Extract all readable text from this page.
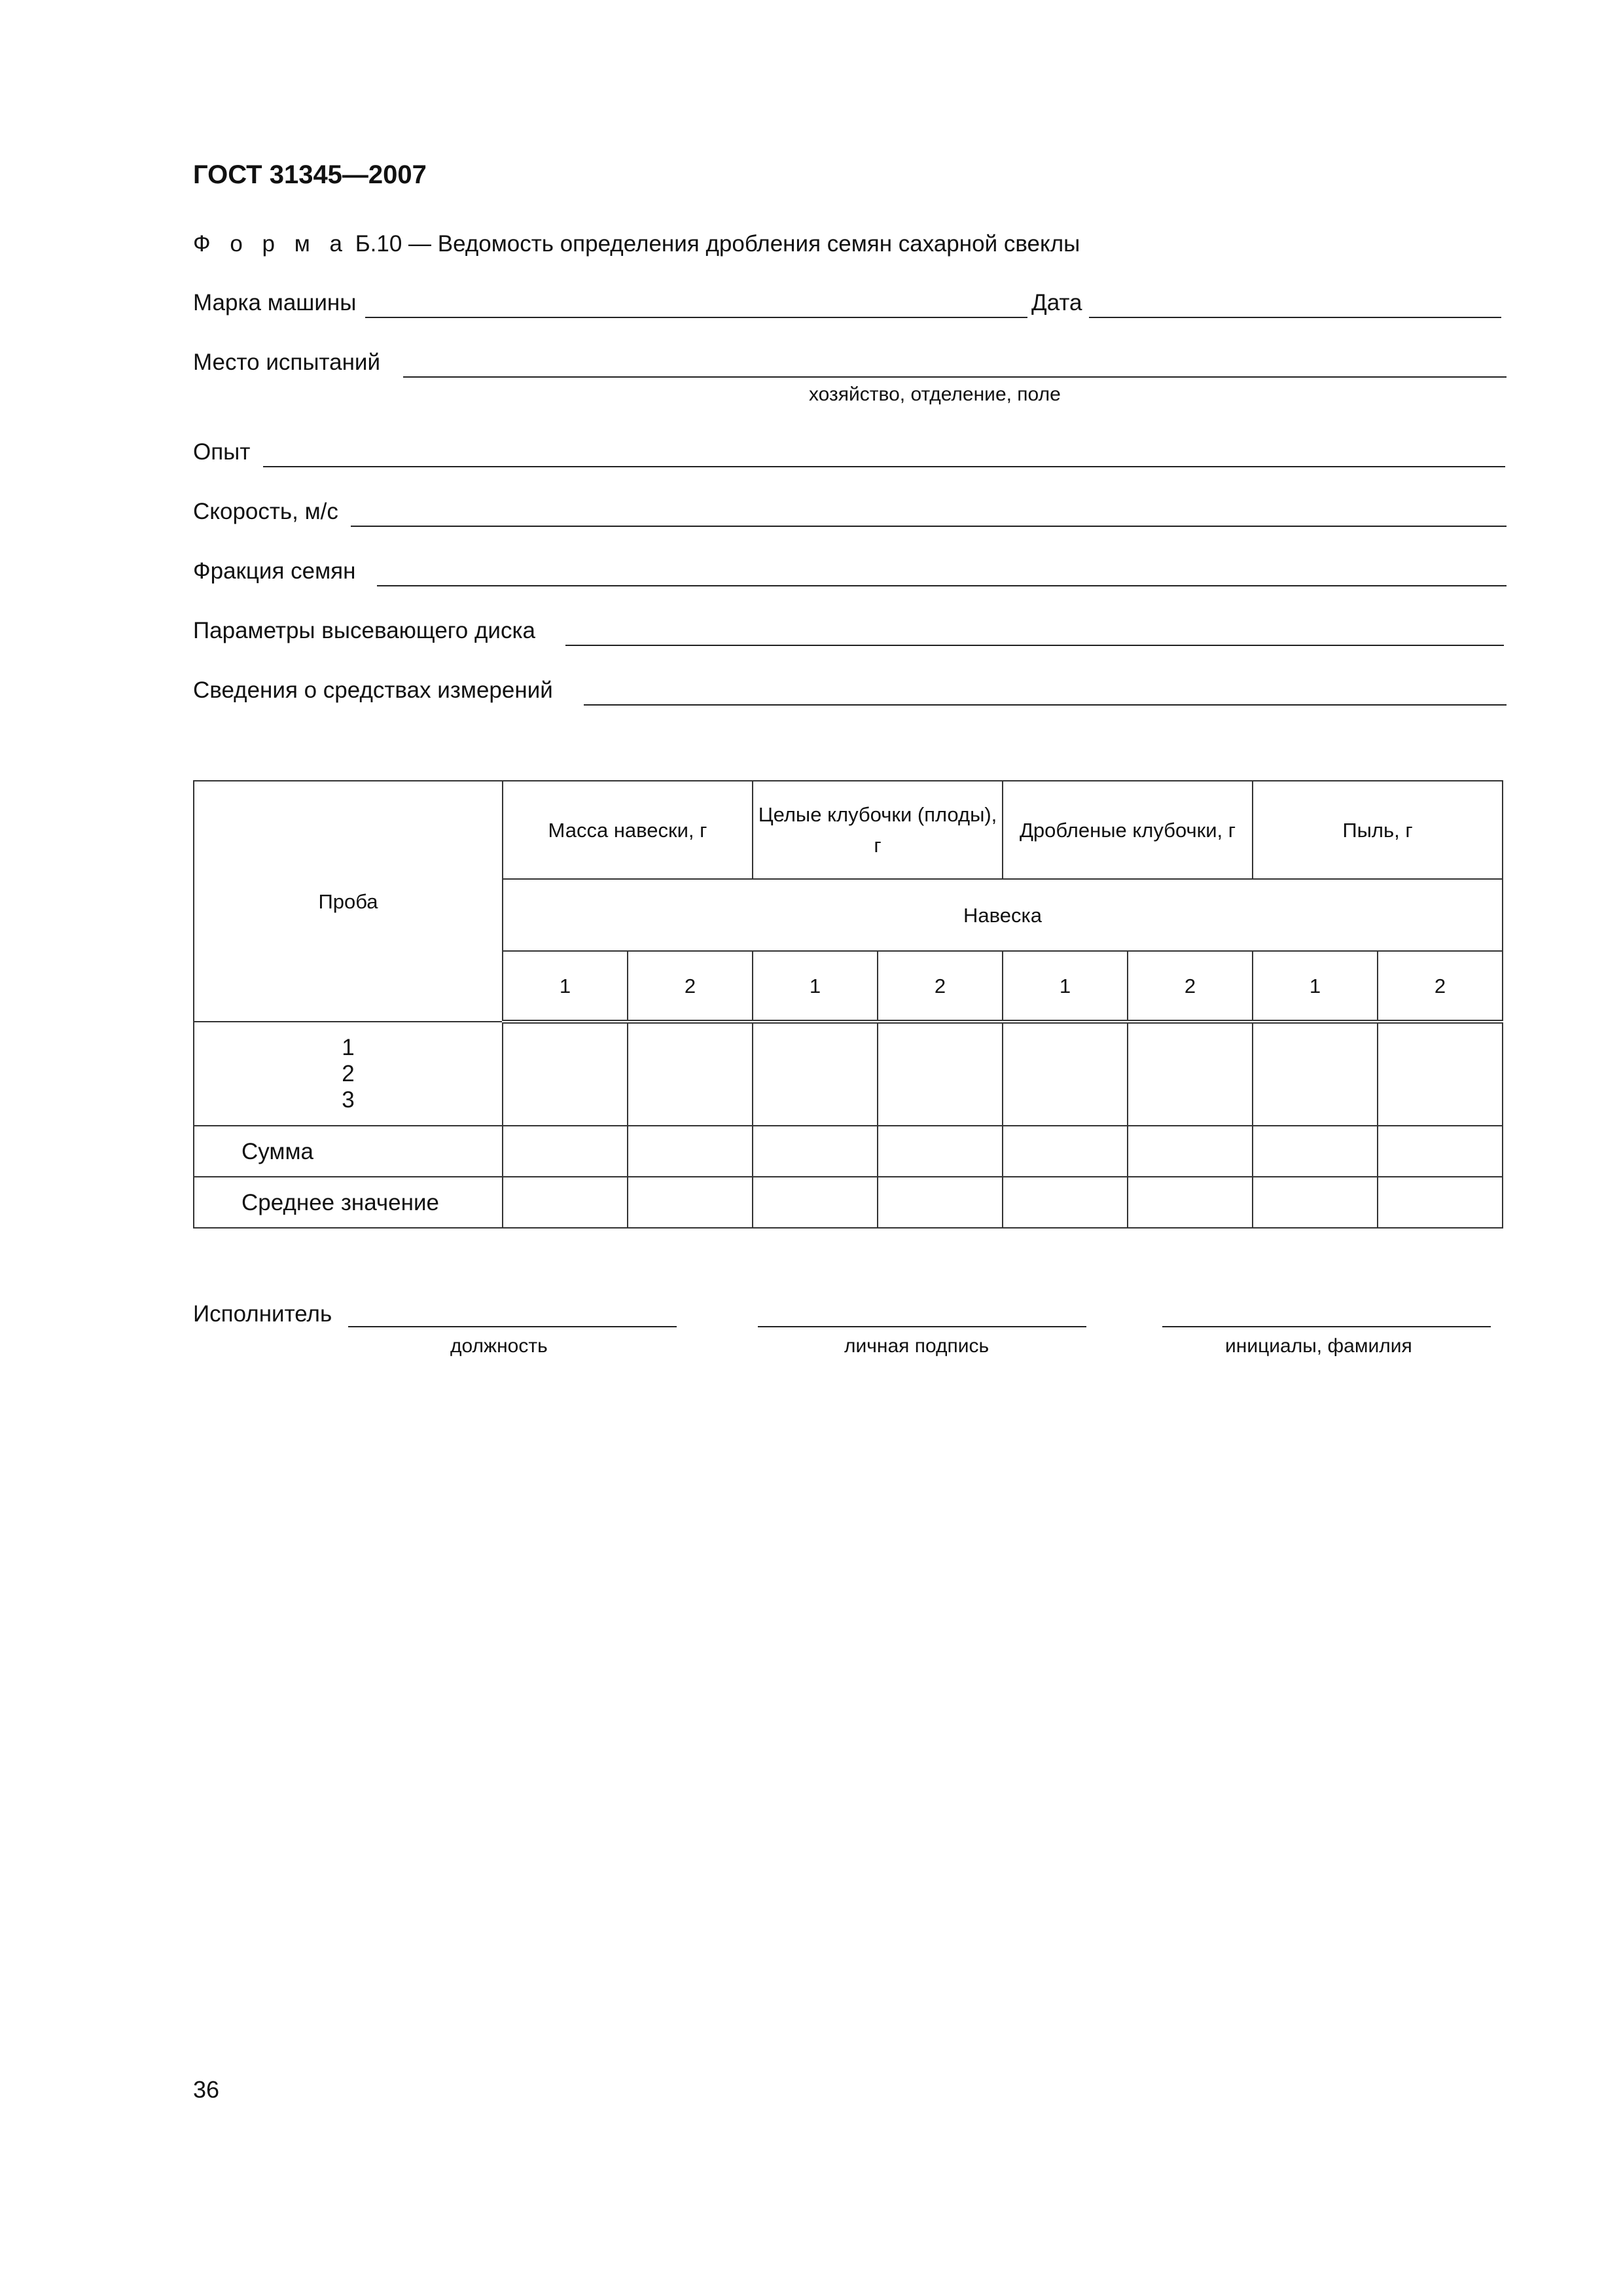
ГОСТ 31345—2007
Ф о р м а Б.10 — Ведомость определения дробления семян сахарной свеклы
Марка машины	Дата
Место испытаний
хозяйство, отделение, поле
Опыт
Скорость, м/с
Фракция семян
Параметры высевающего диска
Сведения о средствах измерений
Проба	Масса навески, г		Целые клубочки (плоды), г		Дробленые клубочки, г		Пыль, г	
	Навеска							
	1	2	1	2	1	2	1	2

1
2
3								

Сумма								
Среднее значение								
Исполнитель
должность	личная подпись	инициалы, фамилия
36
